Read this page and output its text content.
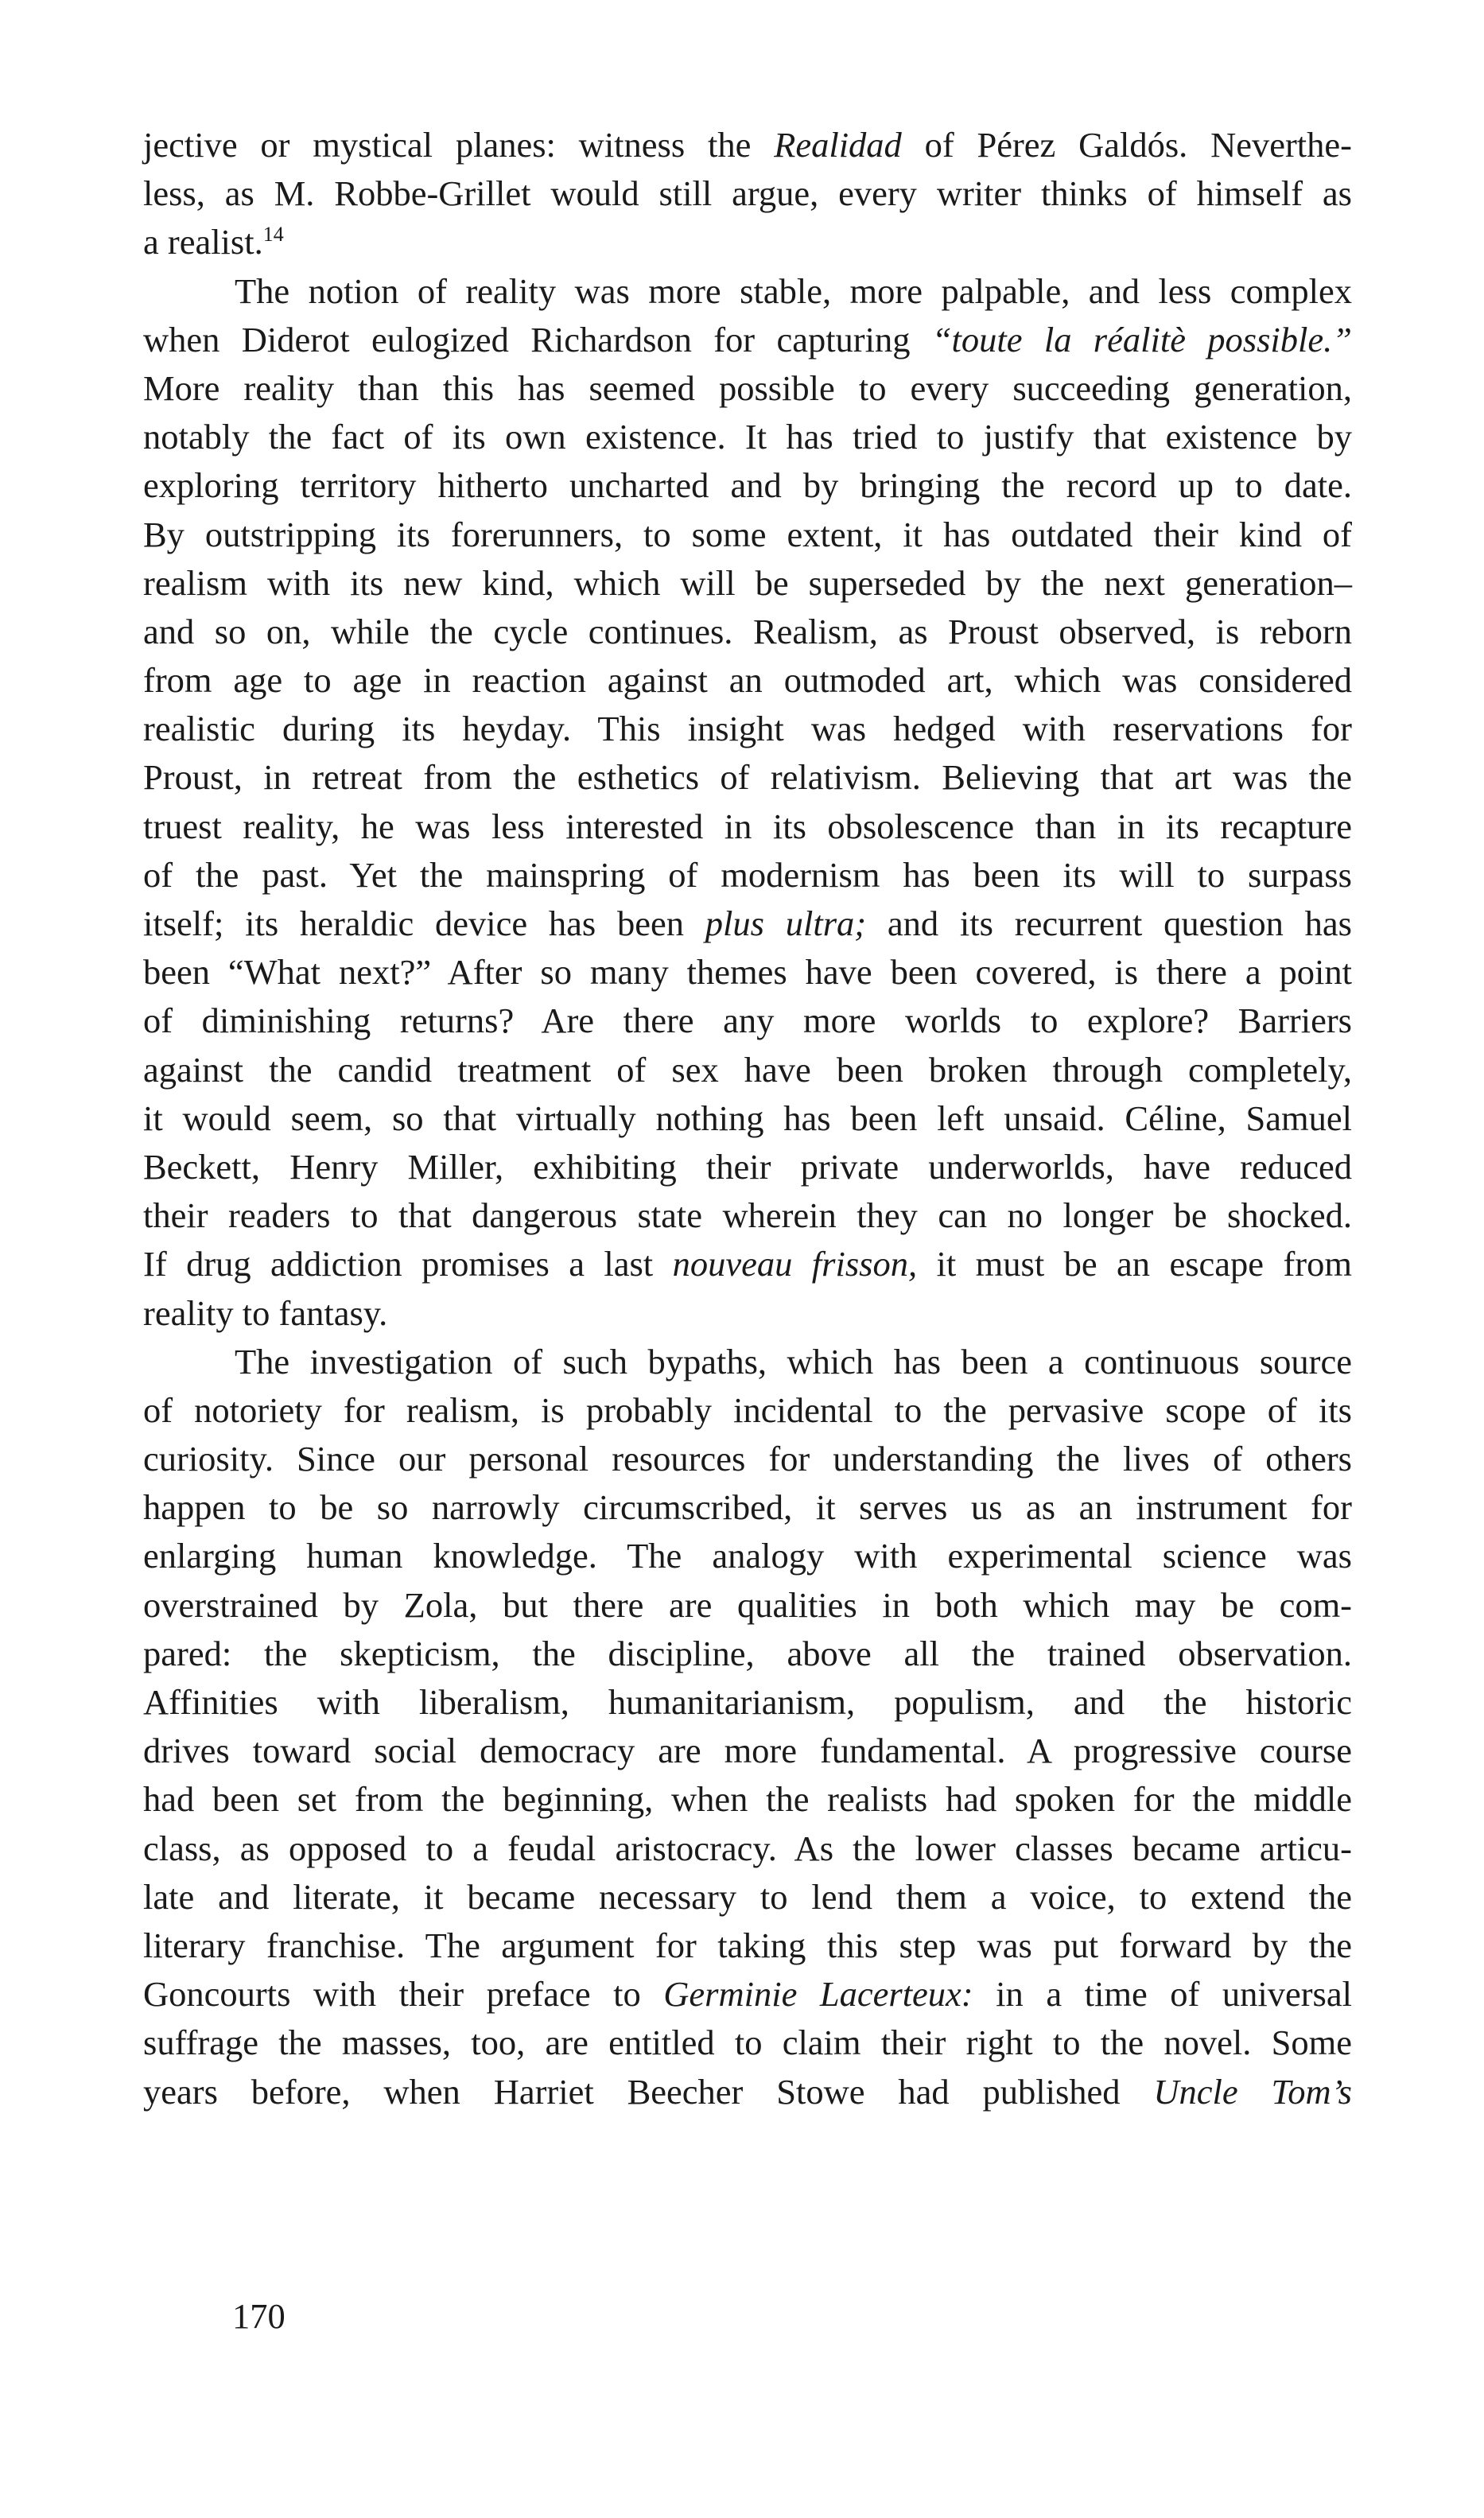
jective or mystical planes: witness the Realidad of Pérez Galdós. Neverthe-
less, as M. Robbe-Grillet would still argue, every writer thinks of himself as
a realist.$^{14}$
The notion of reality was more stable, more palpable, and less complex
when Diderot eulogized Richardson for capturing “toute la réalitè possible.”
More reality than this has seemed possible to every succeeding generation,
notably the fact of its own existence. It has tried to justify that existence by
exploring territory hitherto uncharted and by bringing the record up to date.
By outstripping its forerunners, to some extent, it has outdated their kind of
realism with its new kind, which will be superseded by the next generation–
and so on, while the cycle continues. Realism, as Proust observed, is reborn
from age to age in reaction against an outmoded art, which was considered
realistic during its heyday. This insight was hedged with reservations for
Proust, in retreat from the esthetics of relativism. Believing that art was the
truest reality, he was less interested in its obsolescence than in its recapture
of the past. Yet the mainspring of modernism has been its will to surpass
itself; its heraldic device has been plus ultra; and its recurrent question has
been “What next?” After so many themes have been covered, is there a point
of diminishing returns? Are there any more worlds to explore? Barriers
against the candid treatment of sex have been broken through completely,
it would seem, so that virtually nothing has been left unsaid. Céline, Samuel
Beckett, Henry Miller, exhibiting their private underworlds, have reduced
their readers to that dangerous state wherein they can no longer be shocked.
If drug addiction promises a last nouveau frisson, it must be an escape from
reality to fantasy.
The investigation of such bypaths, which has been a continuous source
of notoriety for realism, is probably incidental to the pervasive scope of its
curiosity. Since our personal resources for understanding the lives of others
happen to be so narrowly circumscribed, it serves us as an instrument for
enlarging human knowledge. The analogy with experimental science was
overstrained by Zola, but there are qualities in both which may be com-
pared: the skepticism, the discipline, above all the trained observation.
Affinities with liberalism, humanitarianism, populism, and the historic
drives toward social democracy are more fundamental. A progressive course
had been set from the beginning, when the realists had spoken for the middle
class, as opposed to a feudal aristocracy. As the lower classes became articu-
late and literate, it became necessary to lend them a voice, to extend the
literary franchise. The argument for taking this step was put forward by the
Goncourts with their preface to Germinie Lacerteux: in a time of universal
suffrage the masses, too, are entitled to claim their right to the novel. Some
years before, when Harriet Beecher Stowe had published Uncle Tom’s
170
